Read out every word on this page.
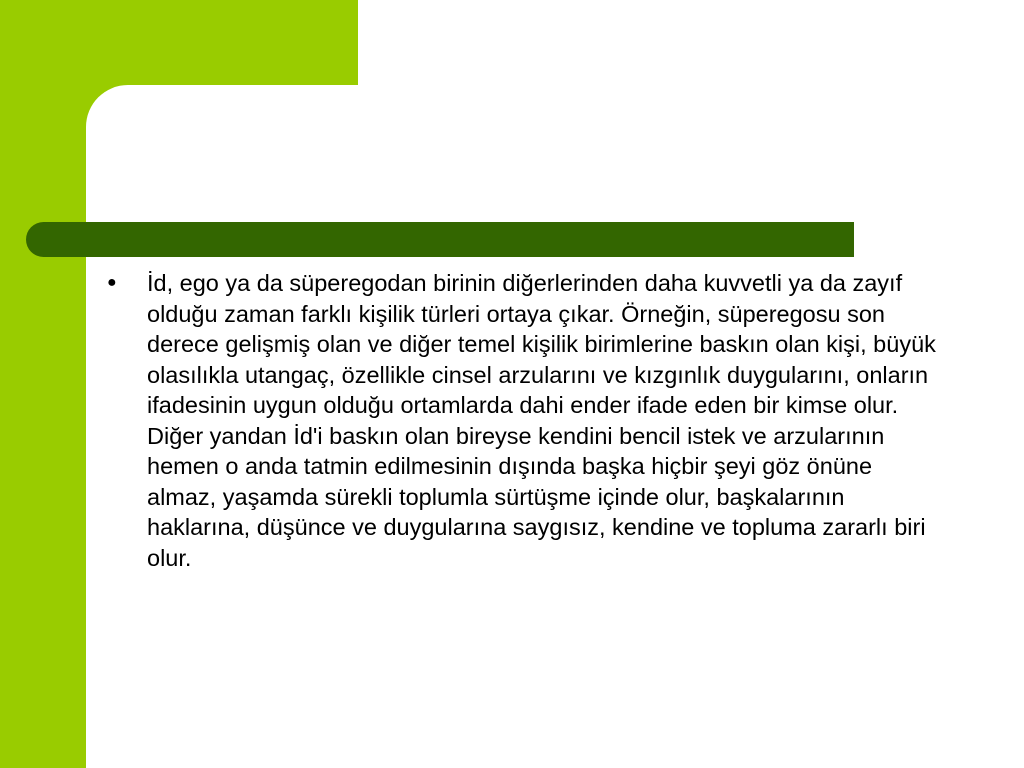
●	İd, ego ya da süperegodan birinin diğerlerinden daha kuvvetli ya da zayıf olduğu zaman farklı kişilik türleri ortaya çıkar. Örneğin, süperegosu son derece gelişmiş olan ve diğer temel kişilik birimlerine baskın olan kişi, büyük olasılıkla utangaç, özellikle cinsel arzularını ve kızgınlık duygularını, onların ifadesinin uygun olduğu ortamlarda dahi ender ifade eden bir kimse olur. Diğer yandan İd'i baskın olan bireyse kendini bencil istek ve arzularının hemen o anda tatmin edilmesinin dışında başka hiçbir şeyi göz önüne almaz, yaşamda sürekli toplumla sürtüşme içinde olur, başkalarının haklarına, düşünce ve duygularına saygısız, kendine ve topluma zararlı biri olur.
